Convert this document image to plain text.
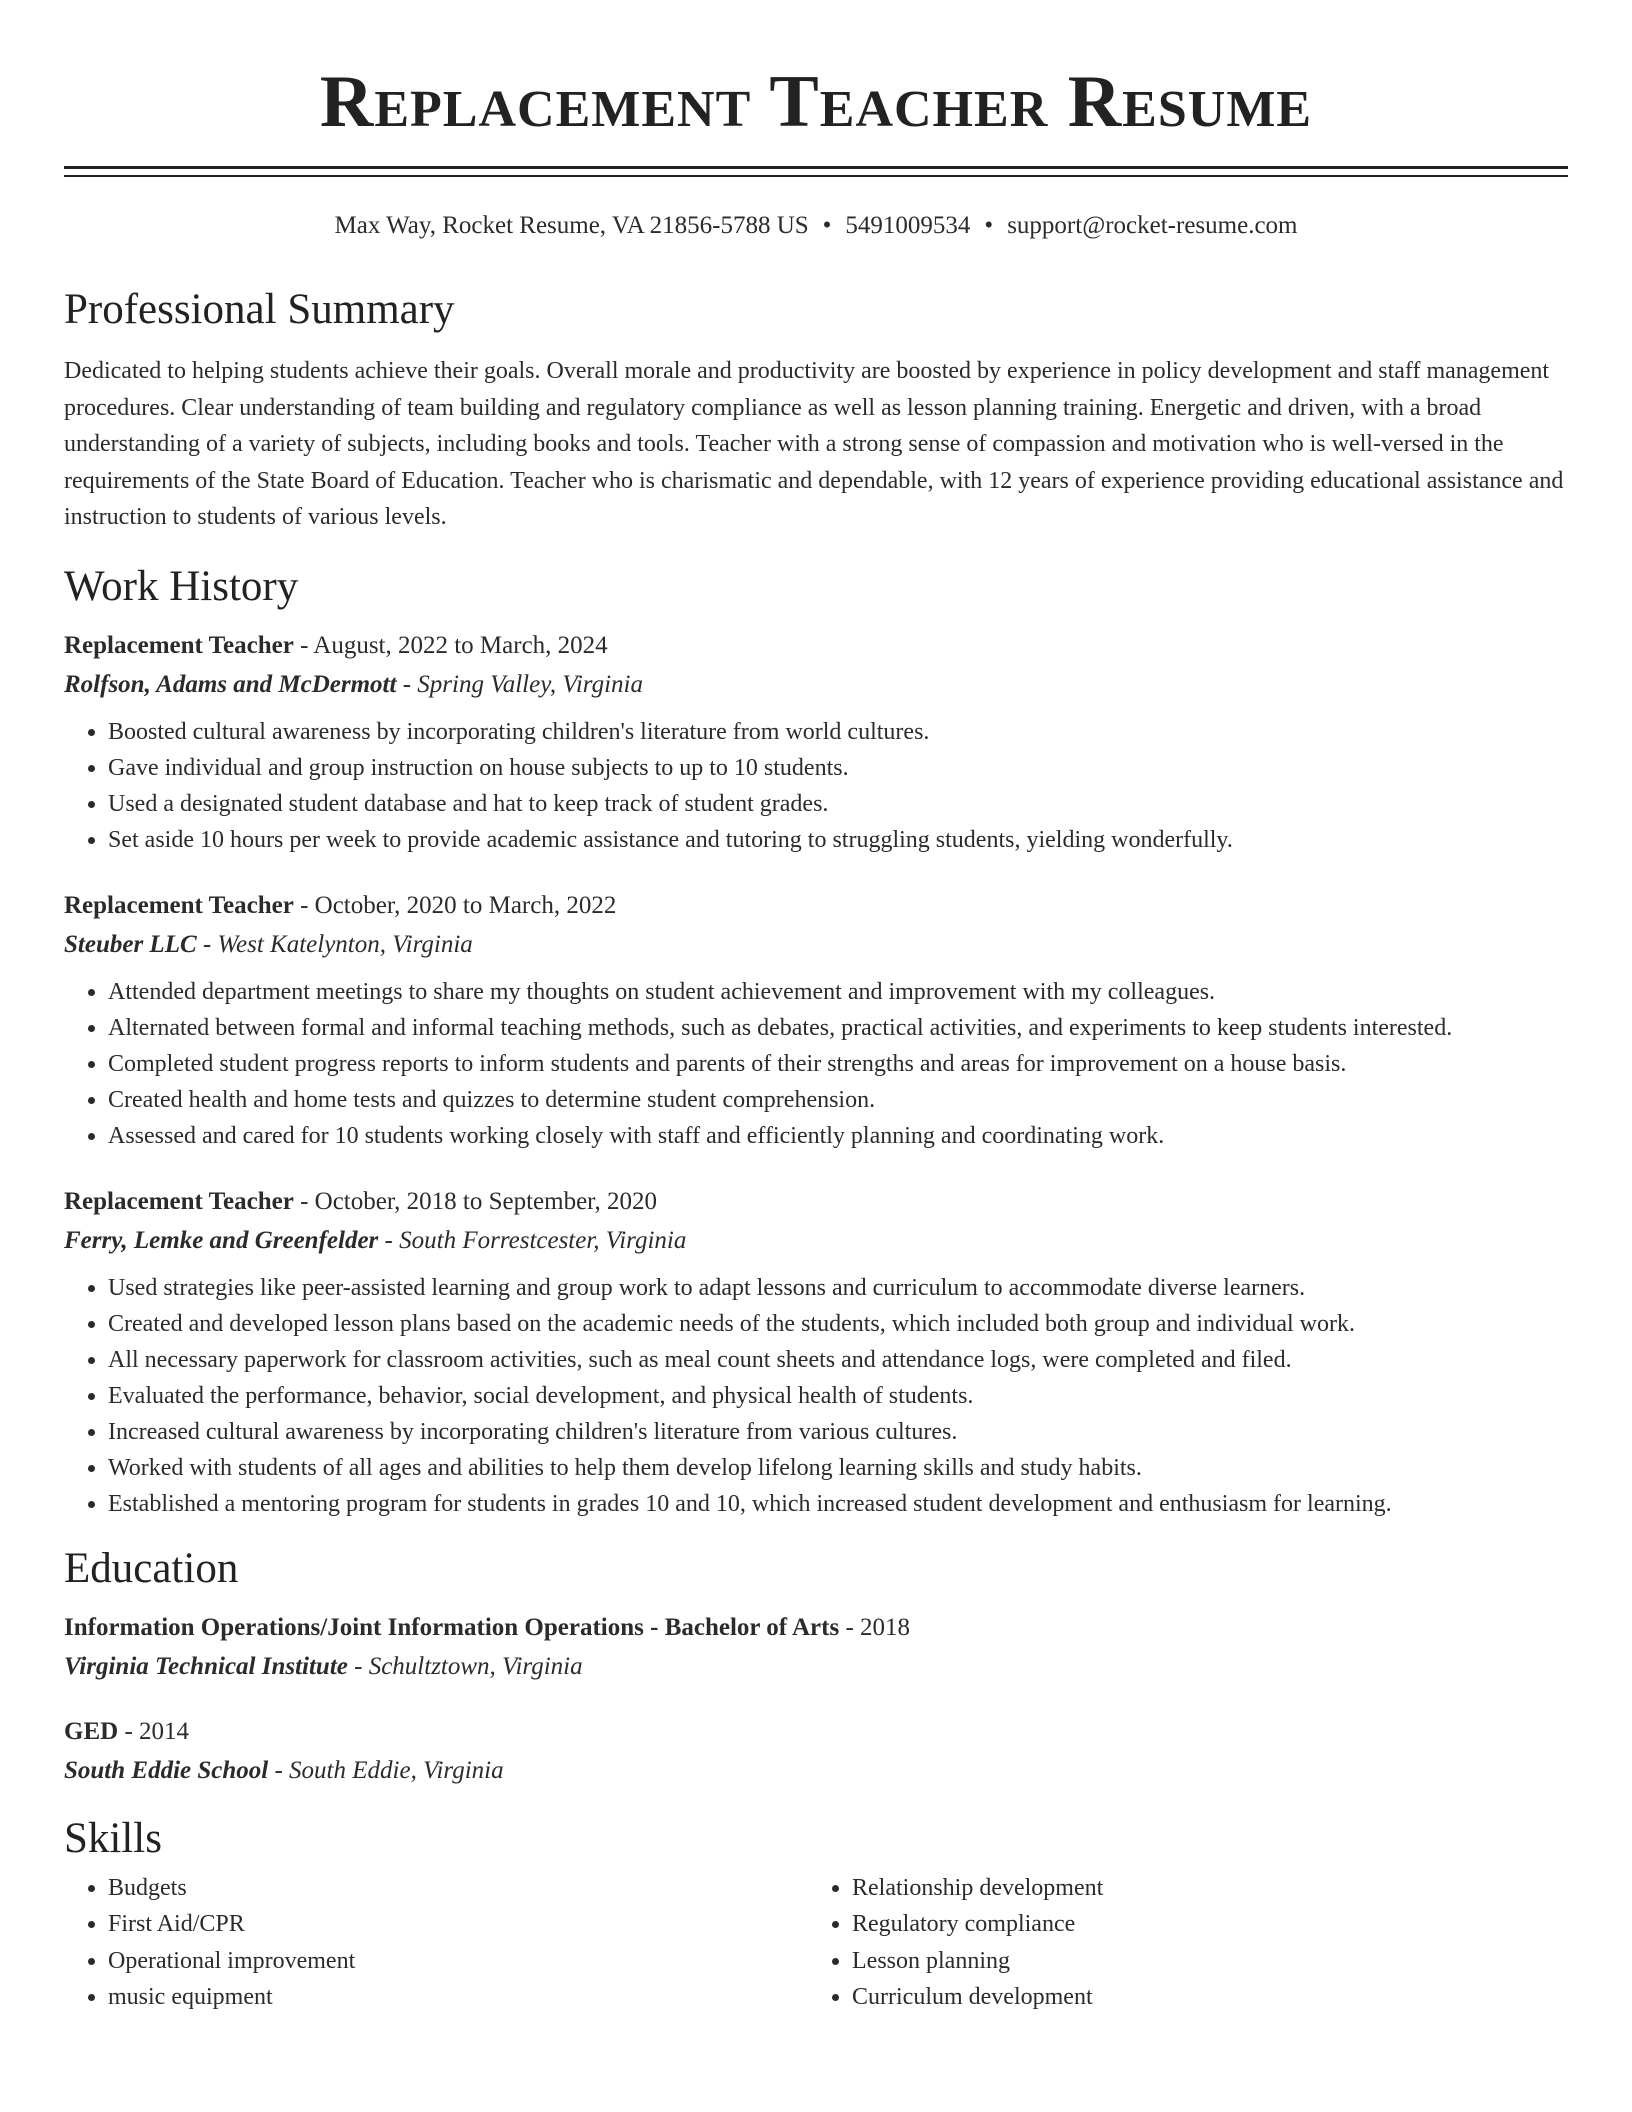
Replacement Teacher Resume
Max Way, Rocket Resume, VA 21856-5788 US • 5491009534 • support@rocket-resume.com
Professional Summary

Dedicated to helping students achieve their goals. Overall morale and productivity are boosted by experience in policy development and staff management procedures. Clear understanding of team building and regulatory compliance as well as lesson planning training. Energetic and driven, with a broad understanding of a variety of subjects, including books and tools. Teacher with a strong sense of compassion and motivation who is well-versed in the requirements of the State Board of Education. Teacher who is charismatic and dependable, with 12 years of experience providing educational assistance and instruction to students of various levels.

Work History
Replacement Teacher - August, 2022 to March, 2024
Rolfson, Adams and McDermott - Spring Valley, Virginia
• Boosted cultural awareness by incorporating children's literature from world cultures.
• Gave individual and group instruction on house subjects to up to 10 students.
• Used a designated student database and hat to keep track of student grades.
• Set aside 10 hours per week to provide academic assistance and tutoring to struggling students, yielding wonderfully.
Replacement Teacher - October, 2020 to March, 2022
Steuber LLC - West Katelynton, Virginia
• Attended department meetings to share my thoughts on student achievement and improvement with my colleagues.
• Alternated between formal and informal teaching methods, such as debates, practical activities, and experiments to keep students interested.
• Completed student progress reports to inform students and parents of their strengths and areas for improvement on a house basis.
• Created health and home tests and quizzes to determine student comprehension.
• Assessed and cared for 10 students working closely with staff and efficiently planning and coordinating work.
Replacement Teacher - October, 2018 to September, 2020
Ferry, Lemke and Greenfelder - South Forrestcester, Virginia
• Used strategies like peer-assisted learning and group work to adapt lessons and curriculum to accommodate diverse learners.
• Created and developed lesson plans based on the academic needs of the students, which included both group and individual work.
• All necessary paperwork for classroom activities, such as meal count sheets and attendance logs, were completed and filed.
• Evaluated the performance, behavior, social development, and physical health of students.
• Increased cultural awareness by incorporating children's literature from various cultures.
• Worked with students of all ages and abilities to help them develop lifelong learning skills and study habits.
• Established a mentoring program for students in grades 10 and 10, which increased student development and enthusiasm for learning.
Education
Information Operations/Joint Information Operations - Bachelor of Arts - 2018
Virginia Technical Institute - Schultztown, Virginia
GED - 2014
South Eddie School - South Eddie, Virginia
Skills
• Budgets
• First Aid/CPR
• Operational improvement
• music equipment
• Relationship development
• Regulatory compliance
• Lesson planning
• Curriculum development
